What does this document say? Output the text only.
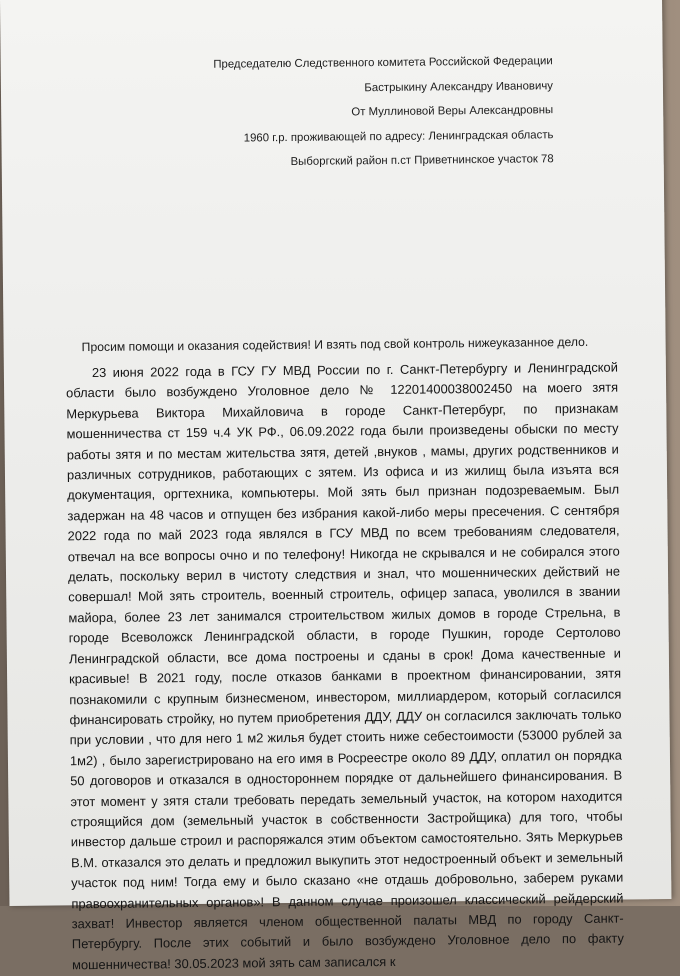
Председателю Следственного комитета Российской Федерации
Бастрыкину Александру Ивановичу
От Муллиновой Веры Александровны
1960 г.р. проживающей по адресу: Ленинградская область
Выборгский район п.ст Приветнинское участок 78
Просим помощи и оказания содействия! И взять под свой контроль нижеуказанное дело.
23 июня 2022 года в ГСУ ГУ МВД России по г. Санкт-Петербургу и Ленинградской области было возбуждено Уголовное дело № 12201400038002450 на моего зятя Меркурьева Виктора Михайловича в городе Санкт-Петербург, по признакам мошенничества ст 159 ч.4 УК РФ., 06.09.2022 года были произведены обыски по месту работы зятя и по местам жительства зятя, детей ,внуков , мамы, других родственников и различных сотрудников, работающих с зятем. Из офиса и из жилищ была изъята вся документация, оргтехника, компьютеры. Мой зять был признан подозреваемым. Был задержан на 48 часов и отпущен без избрания какой-либо меры пресечения. С сентября 2022 года по май 2023 года являлся в ГСУ МВД по всем требованиям следователя, отвечал на все вопросы очно и по телефону! Никогда не скрывался и не собирался этого делать, поскольку верил в чистоту следствия и знал, что мошеннических действий не совершал! Мой зять строитель, военный строитель, офицер запаса, уволился в звании майора, более 23 лет занимался строительством жилых домов в городе Стрельна, в городе Всеволожск Ленинградской области, в городе Пушкин, городе Сертолово Ленинградской области, все дома построены и сданы в срок! Дома качественные и красивые! В 2021 году, после отказов банками в проектном финансировании, зятя познакомили с крупным бизнесменом, инвестором, миллиардером, который согласился финансировать стройку, но путем приобретения ДДУ, ДДУ он согласился заключать только при условии , что для него 1 м2 жилья будет стоить ниже себестоимости (53000 рублей за 1м2) , было зарегистрировано на его имя в Росреестре около 89 ДДУ, оплатил он порядка 50 договоров и отказался в одностороннем порядке от дальнейшего финансирования. В этот момент у зятя стали требовать передать земельный участок, на котором находится строящийся дом (земельный участок в собственности Застройщика) для того, чтобы инвестор дальше строил и распоряжался этим объектом самостоятельно. Зять Меркурьев В.М. отказался это делать и предложил выкупить этот недостроенный объект и земельный участок под ним! Тогда ему и было сказано «не отдашь добровольно, заберем руками правоохранительных органов»! В данном случае произошел классический рейдерский захват! Инвестор является членом общественной палаты МВД по городу Санкт-Петербургу. После этих событий и было возбуждено Уголовное дело по факту мошенничества! 30.05.2023 мой зять сам записался к
